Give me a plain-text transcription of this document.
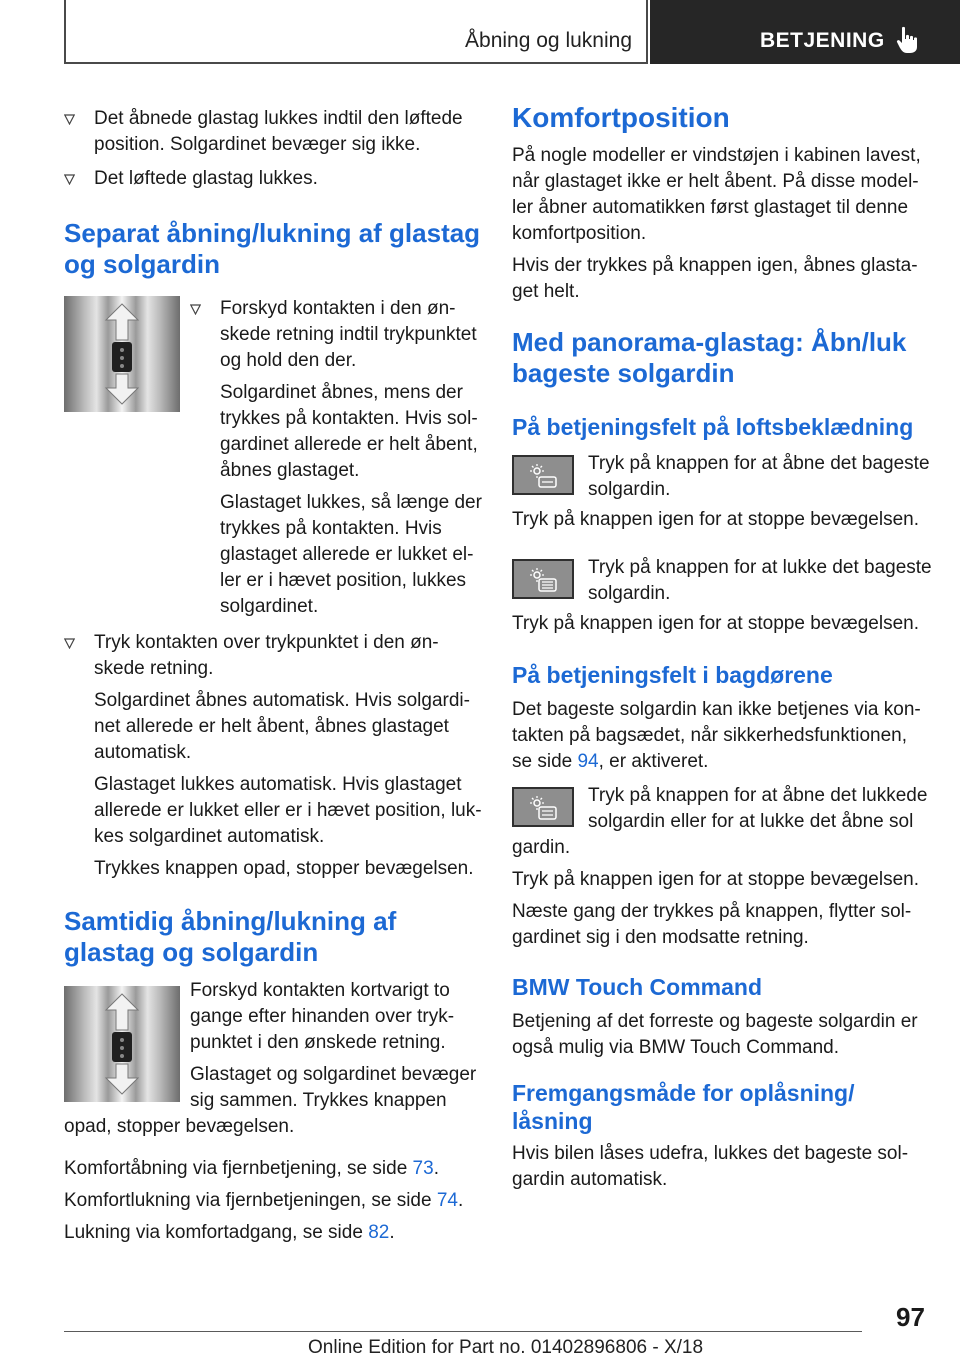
Åbning og lukning	BETJENING

Det åbnede glastag lukkes indtil den løftede position. Solgardinet bevæger sig ikke.

Det løftede glastag lukkes.

Separat åbning/lukning af glastag og solgardin

Forskyd kontakten i den ønskede retning indtil trykpunktet og hold den der.

Solgardinet åbnes, mens der trykkes på kontakten. Hvis solgardinet allerede er helt åbent, åbnes glastaget.

Glastaget lukkes, så længe der trykkes på kontakten. Hvis glastaget allerede er lukket eller er i hævet position, lukkes solgardinet.

Tryk kontakten over trykpunktet i den ønskede retning.

Solgardinet åbnes automatisk. Hvis solgardinet allerede er helt åbent, åbnes glastaget automatisk.

Glastaget lukkes automatisk. Hvis glastaget allerede er lukket eller er i hævet position, lukkes solgardinet automatisk.

Trykkes knappen opad, stopper bevægelsen.

Samtidig åbning/lukning af glastag og solgardin

Forskyd kontakten kortvarigt to gange efter hinanden over trykpunktet i den ønskede retning.

Glastaget og solgardinet bevæger sig sammen. Trykkes knappen

opad, stopper bevægelsen.

Komfortåbning via fjernbetjening, se side 73.

Komfortlukning via fjernbetjeningen, se side 74.

Lukning via komfortadgang, se side 82.

Komfortposition

På nogle modeller er vindstøjen i kabinen lavest, når glastaget ikke er helt åbent. På disse modeller åbner automatikken først glastaget til denne komfortposition.

Hvis der trykkes på knappen igen, åbnes glastaget helt.

Med panorama-glastag: Åbn/luk bageste solgardin
På betjeningsfelt på loftsbeklædning

Tryk på knappen for at åbne det bageste solgardin.

Tryk på knappen igen for at stoppe bevægelsen.

Tryk på knappen for at lukke det bageste solgardin.

Tryk på knappen igen for at stoppe bevægelsen.

På betjeningsfelt i bagdørene

Det bageste solgardin kan ikke betjenes via kontakten på bagsædet, når sikkerhedsfunktionen, se side 94, er aktiveret.

Tryk på knappen for at åbne det lukkede solgardin eller for at lukke det åbne sol

gardin.

Tryk på knappen igen for at stoppe bevægelsen.

Næste gang der trykkes på knappen, flytter solgardinet sig i den modsatte retning.

BMW Touch Command

Betjening af det forreste og bageste solgardin er også mulig via BMW Touch Command.

Fremgangsmåde for oplåsning/ låsning

Hvis bilen låses udefra, lukkes det bageste solgardin automatisk.

97
Online Edition for Part no. 01402896806 - X/18
